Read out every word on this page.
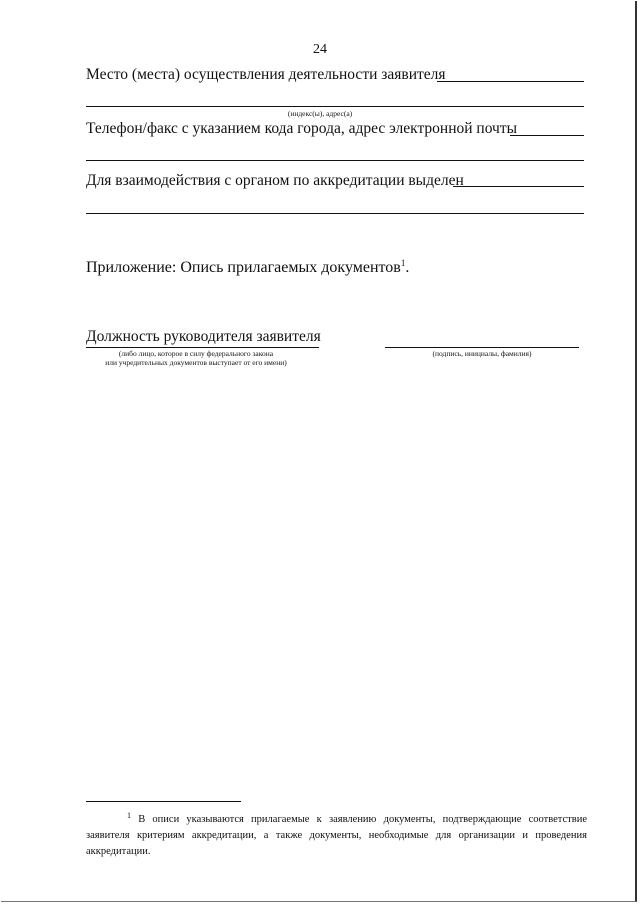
24
Место (места) осуществления деятельности заявителя
(индекс(ы), адрес(а)
Телефон/факс с указанием кода города, адрес электронной почты
Для взаимодействия с органом по аккредитации выделен
Приложение: Опись прилагаемых документов$^1$.
Должность руководителя заявителя
(либо лицо, которое в силу федерального закона
или учредительных документов выступает от его имени)
(подпись, инициалы, фамилия)
$^1$ В описи указываются прилагаемые к заявлению документы, подтверждающие соответствие заявителя критериям аккредитации, а также документы, необходимые для организации и проведения аккредитации.
